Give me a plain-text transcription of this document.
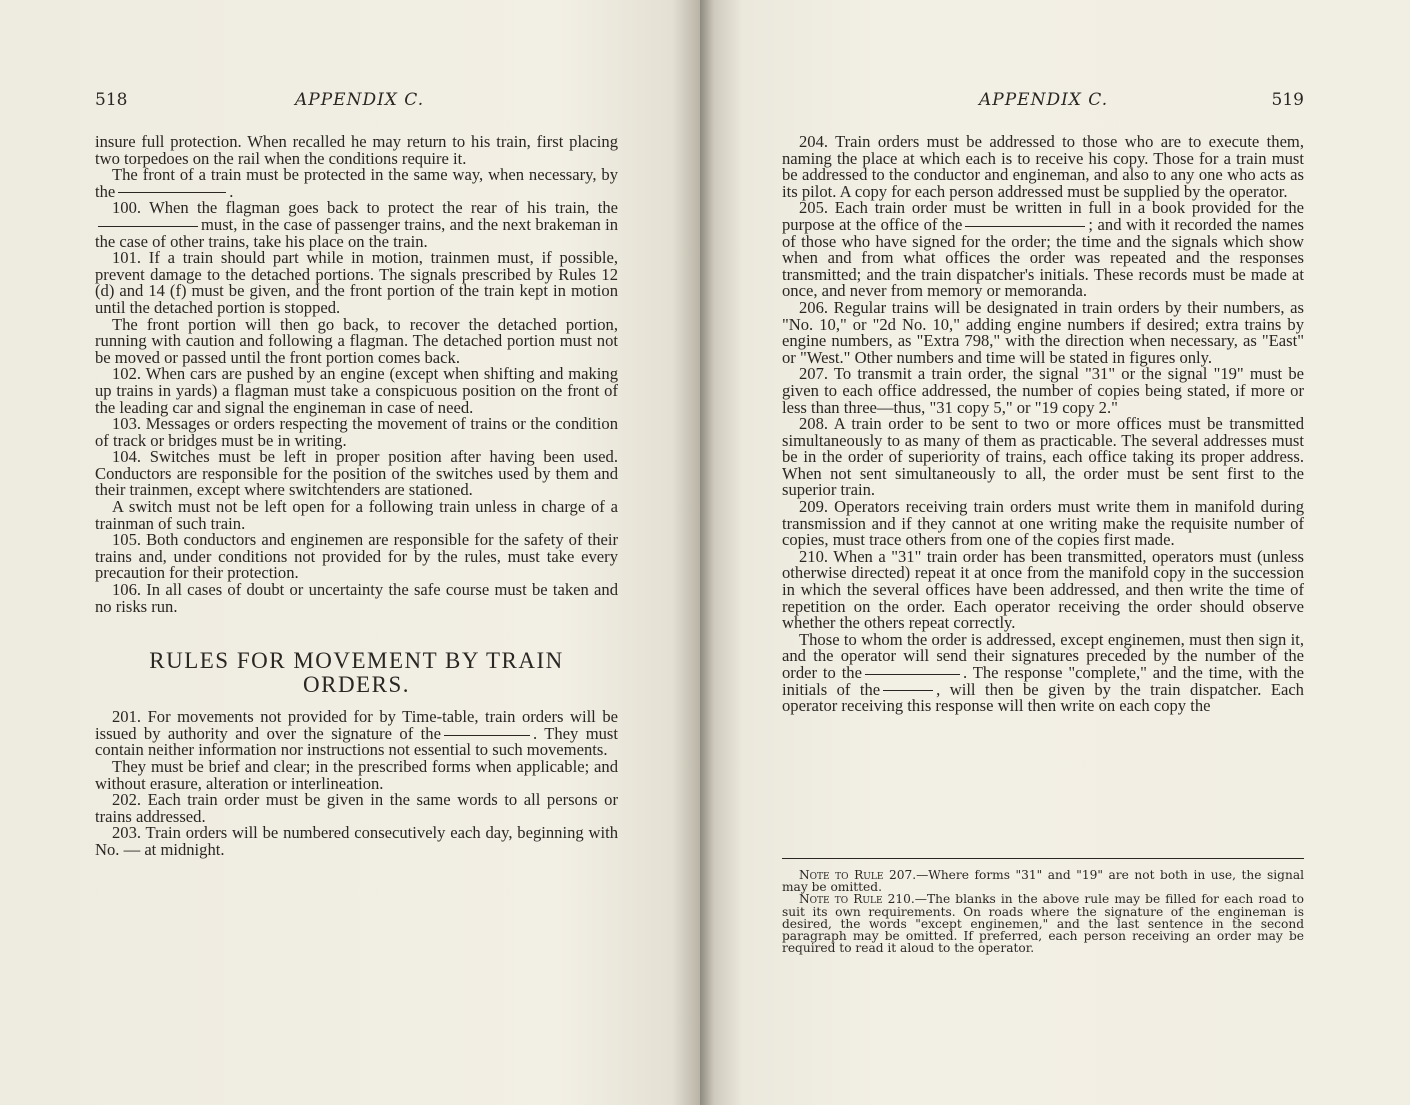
518	APPENDIX C.

insure full protection. When recalled he may return to his train, first placing two torpedoes on the rail when the conditions require it.

The front of a train must be protected in the same way, when necessary, by the	.

100. When the flagman goes back to protect the rear of his train, themust, in the case of passenger trains, and the next brakeman in the case of other trains, take his place on the train.

101. If a train should part while in motion, trainmen must, if possible, prevent damage to the detached portions. The signals prescribed by Rules 12 (d) and 14 (f) must be given, and the front portion of the train kept in motion until the detached portion is stopped.

The front portion will then go back, to recover the detached portion, running with caution and following a flagman. The detached portion must not be moved or passed until the front portion comes back.

102. When cars are pushed by an engine (except when shifting and making up trains in yards) a flagman must take a conspicuous position on the front of the leading car and signal the engineman in case of need.

103. Messages or orders respecting the movement of trains or the condition of track or bridges must be in writing.

104. Switches must be left in proper position after having been used. Conductors are responsible for the position of the switches used by them and their trainmen, except where switchtenders are stationed.

A switch must not be left open for a following train unless in charge of a trainman of such train.

105. Both conductors and enginemen are responsible for the safety of their trains and, under conditions not provided for by the rules, must take every precaution for their protection.

106. In all cases of doubt or uncertainty the safe course must be taken and no risks run.

RULES FOR MOVEMENT BY TRAIN
ORDERS.

201. For movements not provided for by Time-table, train orders will be issued by authority and over the signature of the	. They must contain neither information nor instructions not essential to such movements.

They must be brief and clear; in the prescribed forms when applicable; and without erasure, alteration or interlineation.

202. Each train order must be given in the same words to all persons or trains addressed.

203. Train orders will be numbered consecutively each day, beginning with No. — at midnight.

APPENDIX C.	519

204. Train orders must be addressed to those who are to execute them, naming the place at which each is to receive his copy. Those for a train must be addressed to the conductor and engineman, and also to any one who acts as its pilot. A copy for each person addressed must be supplied by the operator.

205. Each train order must be written in full in a book provided for the purpose at the office of the	; and with it recorded the names of those who have signed for the order; the time and the signals which show when and from what offices the order was repeated and the responses transmitted; and the train dispatcher's initials. These records must be made at once, and never from memory or memoranda.

206. Regular trains will be designated in train orders by their numbers, as "No. 10," or "2d No. 10," adding engine numbers if desired; extra trains by engine numbers, as "Extra 798," with the direction when necessary, as "East" or "West." Other numbers and time will be stated in figures only.

207. To transmit a train order, the signal "31" or the signal "19" must be given to each office addressed, the number of copies being stated, if more or less than three—thus, "31 copy 5," or "19 copy 2."

208. A train order to be sent to two or more offices must be transmitted simultaneously to as many of them as practicable. The several addresses must be in the order of superiority of trains, each office taking its proper address. When not sent simultaneously to all, the order must be sent first to the superior train.

209. Operators receiving train orders must write them in manifold during transmission and if they cannot at one writing make the requisite number of copies, must trace others from one of the copies first made.

210. When a "31" train order has been transmitted, operators must (unless otherwise directed) repeat it at once from the manifold copy in the succession in which the several offices have been addressed, and then write the time of repetition on the order. Each operator receiving the order should observe whether the others repeat correctly.

Those to whom the order is addressed, except enginemen, must then sign it, and the operator will send their signatures preceded by the number of the order to the	. The response "complete," and the time, with the initials of the	, will then be given by the train dispatcher. Each operator receiving this response will then write on each copy the

Note to Rule 207.—Where forms "31" and "19" are not both in use, the signal may be omitted.

Note to Rule 210.—The blanks in the above rule may be filled for each road to suit its own requirements. On roads where the signature of the engineman is desired, the words "except enginemen," and the last sentence in the second paragraph may be omitted. If preferred, each person receiving an order may be required to read it aloud to the operator.
